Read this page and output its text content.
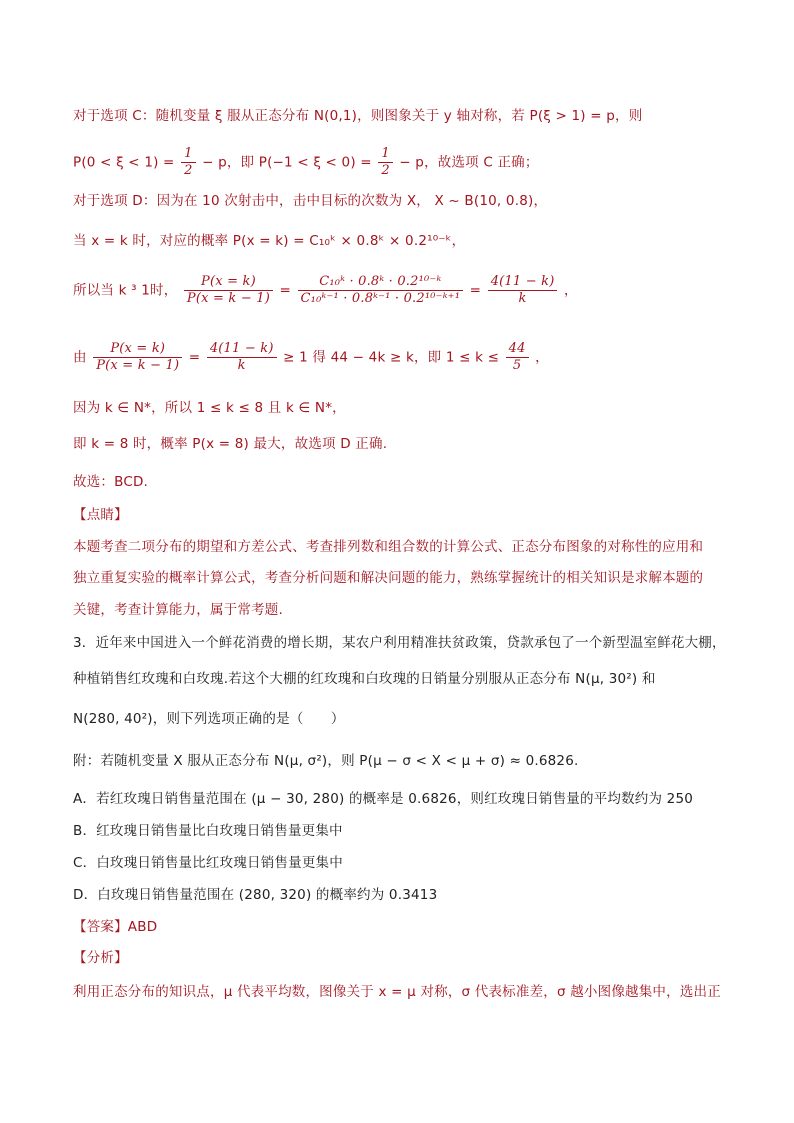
对于选项 C：随机变量 ξ 服从正态分布 N(0,1)，则图象关于 y 轴对称，若 P(ξ > 1) = p，则
$P(0 < \xi < 1) = \frac{1}{2} - p$，即 $P(-1 < \xi < 0) = \frac{1}{2} - p$，故选项 C 正确；
对于选项 D：因为在 10 次射击中，击中目标的次数为 X， X ~ B(10, 0.8)，
当 x = k 时，对应的概率 P(x = k) = C₁₀ᵏ × 0.8ᵏ × 0.2¹⁰⁻ᵏ，
所以当 k ³ 1时， $\frac{P(x = k)}{P(x = k - 1)} = \frac{\text{C₁₀ᵏ · 0.8ᵏ · 0.2¹⁰⁻ᵏ}}{\text{C₁₀ᵏ⁻¹ · 0.8ᵏ⁻¹ · 0.2¹⁰⁻ᵏ⁺¹}} = \frac{4(11 - k)}{k}$ ，
由 $\frac{P(x = k)}{P(x = k - 1)} = \frac{4(11 - k)}{k} \ge 1$ 得 44 − 4k ≥ k，即 $1 \le k \le \frac{44}{5}$ ，
因为 k ∈ N*，所以 1 ≤ k ≤ 8 且 k ∈ N*，
即 k = 8 时，概率 P(x = 8) 最大，故选项 D 正确.
故选：BCD.
【点睛】
本题考查二项分布的期望和方差公式、考查排列数和组合数的计算公式、正态分布图象的对称性的应用和
独立重复实验的概率计算公式，考查分析问题和解决问题的能力，熟练掌握统计的相关知识是求解本题的
关键，考查计算能力，属于常考题.
3．近年来中国进入一个鲜花消费的增长期，某农户利用精准扶贫政策，贷款承包了一个新型温室鲜花大棚，
种植销售红玫瑰和白玫瑰.若这个大棚的红玫瑰和白玫瑰的日销量分别服从正态分布 N(μ, 30²) 和
N(280, 40²)，则下列选项正确的是（　　）
附：若随机变量 X 服从正态分布 N(μ, σ²)，则 P(μ − σ < X < μ + σ) ≈ 0.6826.
A．若红玫瑰日销售量范围在 (μ − 30, 280) 的概率是 0.6826，则红玫瑰日销售量的平均数约为 250
B．红玫瑰日销售量比白玫瑰日销售量更集中
C．白玫瑰日销售量比红玫瑰日销售量更集中
D．白玫瑰日销售量范围在 (280, 320) 的概率约为 0.3413
【答案】ABD
【分析】
利用正态分布的知识点，μ 代表平均数，图像关于 x = μ 对称，σ 代表标准差，σ 越小图像越集中，选出正
